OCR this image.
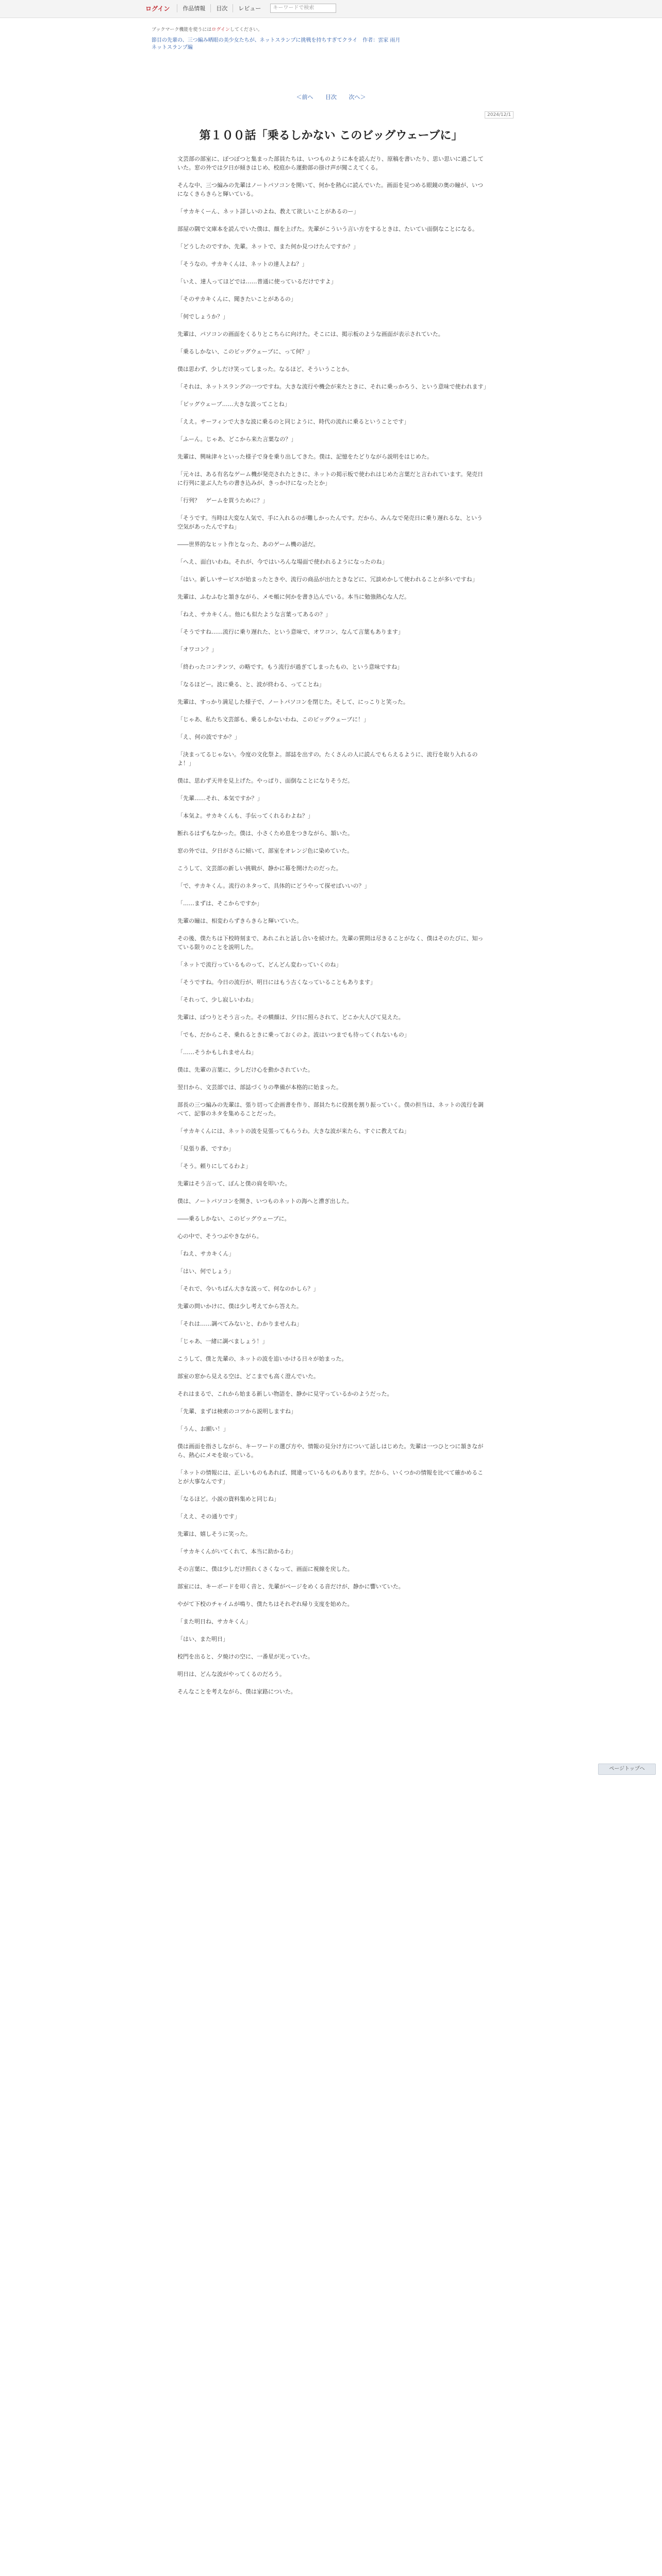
ログイン	作品情報	目次	レビュー	キーワードで検索
ブックマーク機能を使うにはログインしてください。
節目の先輩の、三つ編み晒眼の美少女たちが、ネットスランプに挑戦を持ちすぎてクライ　作者：雲家 雨月
ネットスランプ編
＜前へ 目次 次へ＞
2024/12/1
第１００話「乗るしかない このビッグウェーブに」

文芸部の部室に、ぽつぽつと集まった部員たちは、いつものように本を読んだり、原稿を書いたり、思い思いに過ごしていた。窓の外では夕日が傾きはじめ、校庭から運動部の掛け声が聞こえてくる。

そんな中、三つ編みの先輩はノートパソコンを開いて、何かを熱心に読んでいた。画面を見つめる眼鏡の奥の瞳が、いつになくきらきらと輝いている。

「サカキくーん、ネット詳しいのよね、教えて欲しいことがあるのー」

部屋の隅で文庫本を読んでいた僕は、顔を上げた。先輩がこういう言い方をするときは、たいてい面倒なことになる。

「どうしたのですか、先輩。ネットで、また何か見つけたんですか？」

「そうなの。サカキくんは、ネットの達人よね？」

「いえ、達人ってほどでは……普通に使っているだけですよ」

「そのサカキくんに、聞きたいことがあるの」

「何でしょうか？」

先輩は、パソコンの画面をくるりとこちらに向けた。そこには、掲示板のような画面が表示されていた。

「乗るしかない、このビッグウェーブに、って何？」

僕は思わず、少しだけ笑ってしまった。なるほど、そういうことか。

「それは、ネットスラングの一つですね。大きな流行や機会が来たときに、それに乗っかろう、という意味で使われます」

「ビッグウェーブ……大きな波ってことね」

「ええ。サーフィンで大きな波に乗るのと同じように、時代の流れに乗るということです」

「ふーん。じゃあ、どこから来た言葉なの？」

先輩は、興味津々といった様子で身を乗り出してきた。僕は、記憶をたどりながら説明をはじめた。

「元々は、ある有名なゲーム機が発売されたときに、ネットの掲示板で使われはじめた言葉だと言われています。発売日に行列に並ぶ人たちの書き込みが、きっかけになったとか」

「行列？　ゲームを買うために？」

「そうです。当時は大変な人気で、手に入れるのが難しかったんです。だから、みんなで発売日に乗り遅れるな、という空気があったんですね」

――世界的なヒット作となった、あのゲーム機の話だ。

「へえ、面白いわね。それが、今ではいろんな場面で使われるようになったのね」

「はい。新しいサービスが始まったときや、流行の商品が出たときなどに、冗談めかして使われることが多いですね」

先輩は、ふむふむと頷きながら、メモ帳に何かを書き込んでいる。本当に勉強熱心な人だ。

「ねえ、サカキくん。他にも似たような言葉ってあるの？」

「そうですね……流行に乗り遅れた、という意味で、オワコン、なんて言葉もあります」

「オワコン？」

「終わったコンテンツ、の略です。もう流行が過ぎてしまったもの、という意味ですね」

「なるほどー。波に乗る、と、波が終わる、ってことね」

先輩は、すっかり満足した様子で、ノートパソコンを閉じた。そして、にっこりと笑った。

「じゃあ、私たち文芸部も、乗るしかないわね、このビッグウェーブに！」

「え、何の波ですか？」

「決まってるじゃない。今度の文化祭よ。部誌を出すの。たくさんの人に読んでもらえるように、流行を取り入れるのよ！」

僕は、思わず天井を見上げた。やっぱり、面倒なことになりそうだ。

「先輩……それ、本気ですか？」

「本気よ。サカキくんも、手伝ってくれるわよね？」

断れるはずもなかった。僕は、小さくため息をつきながら、頷いた。

窓の外では、夕日がさらに傾いて、部室をオレンジ色に染めていた。

こうして、文芸部の新しい挑戦が、静かに幕を開けたのだった。

「で、サカキくん。流行のネタって、具体的にどうやって探せばいいの？」

「……まずは、そこからですか」

先輩の瞳は、相変わらずきらきらと輝いていた。

その後、僕たちは下校時刻まで、あれこれと話し合いを続けた。先輩の質問は尽きることがなく、僕はそのたびに、知っている限りのことを説明した。

「ネットで流行っているものって、どんどん変わっていくのね」

「そうですね。今日の流行が、明日にはもう古くなっていることもあります」

「それって、少し寂しいわね」

先輩は、ぽつりとそう言った。その横顔は、夕日に照らされて、どこか大人びて見えた。

「でも、だからこそ、乗れるときに乗っておくのよ。波はいつまでも待ってくれないもの」

「……そうかもしれませんね」

僕は、先輩の言葉に、少しだけ心を動かされていた。

翌日から、文芸部では、部誌づくりの準備が本格的に始まった。

部長の三つ編みの先輩は、張り切って企画書を作り、部員たちに役割を割り振っていく。僕の担当は、ネットの流行を調べて、記事のネタを集めることだった。

「サカキくんには、ネットの波を見張ってもらうわ。大きな波が来たら、すぐに教えてね」

「見張り番、ですか」

「そう。頼りにしてるわよ」

先輩はそう言って、ぽんと僕の肩を叩いた。

僕は、ノートパソコンを開き、いつものネットの海へと漕ぎ出した。

――乗るしかない、このビッグウェーブに。

心の中で、そうつぶやきながら。

「ねえ、サカキくん」

「はい、何でしょう」

「それで、今いちばん大きな波って、何なのかしら？」

先輩の問いかけに、僕は少し考えてから答えた。

「それは……調べてみないと、わかりませんね」

「じゃあ、一緒に調べましょう！」

こうして、僕と先輩の、ネットの波を追いかける日々が始まった。

部室の窓から見える空は、どこまでも高く澄んでいた。

それはまるで、これから始まる新しい物語を、静かに見守っているかのようだった。

「先輩、まずは検索のコツから説明しますね」

「うん、お願い！」

僕は画面を指さしながら、キーワードの選び方や、情報の見分け方について話しはじめた。先輩は一つひとつに頷きながら、熱心にメモを取っている。

「ネットの情報には、正しいものもあれば、間違っているものもあります。だから、いくつかの情報を比べて確かめることが大事なんです」

「なるほど。小説の資料集めと同じね」

「ええ、その通りです」

先輩は、嬉しそうに笑った。

「サカキくんがいてくれて、本当に助かるわ」

その言葉に、僕は少しだけ照れくさくなって、画面に視線を戻した。

部室には、キーボードを叩く音と、先輩がページをめくる音だけが、静かに響いていた。

やがて下校のチャイムが鳴り、僕たちはそれぞれ帰り支度を始めた。

「また明日ね、サカキくん」

「はい、また明日」

校門を出ると、夕焼けの空に、一番星が光っていた。

明日は、どんな波がやってくるのだろう。

そんなことを考えながら、僕は家路についた。

ページトップへ
